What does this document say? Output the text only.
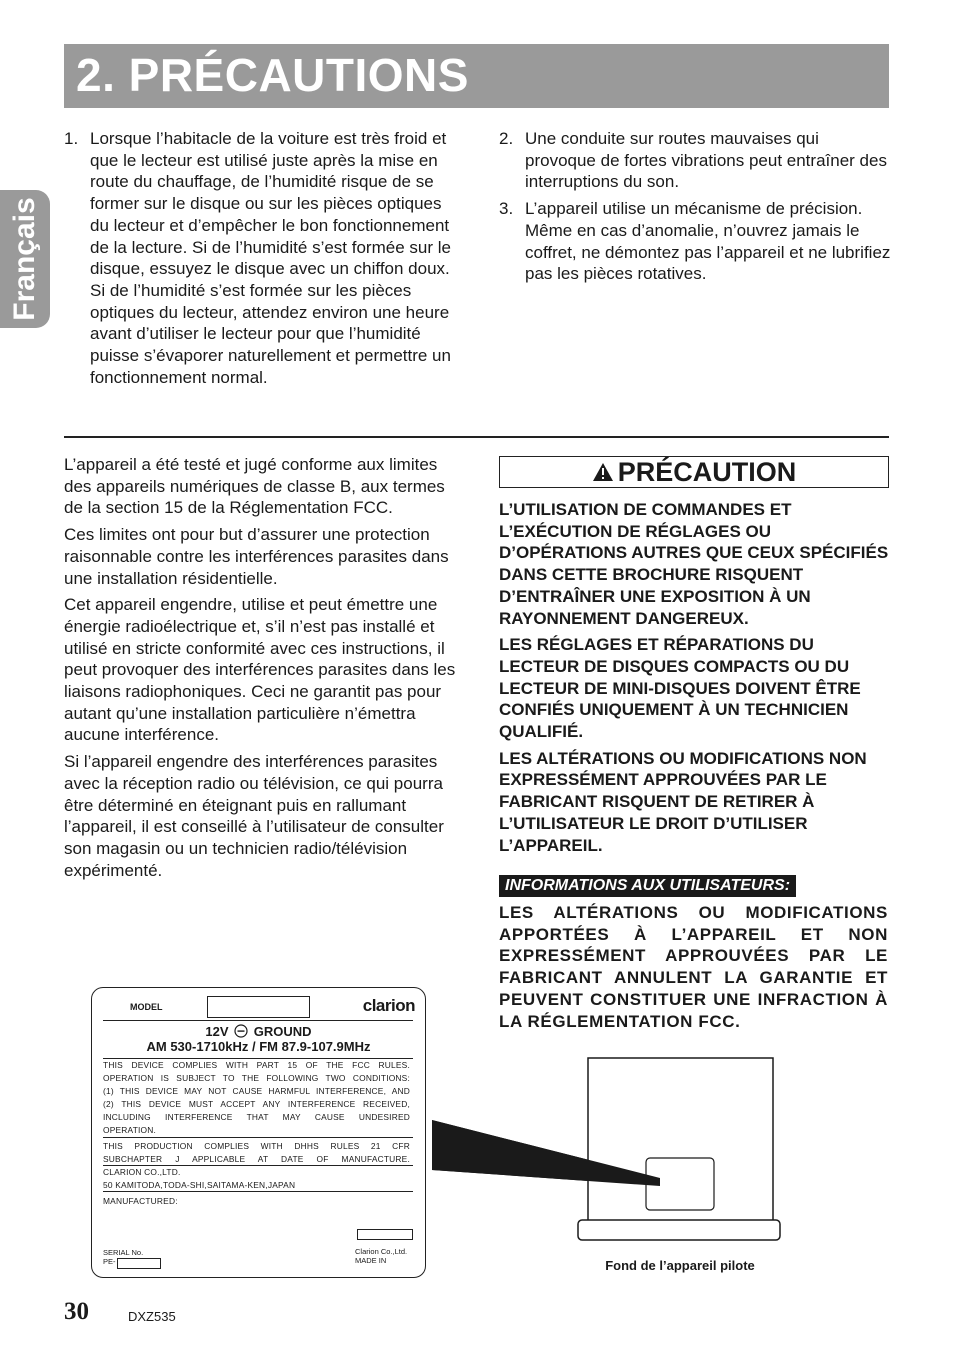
2. PRÉCAUTIONS
Français
1. Lorsque l’habitacle de la voiture est très froid et que le lecteur est utilisé juste après la mise en route du chauffage, de l’humidité risque de se former sur le disque ou sur les pièces optiques du lecteur et d’empêcher le bon fonctionnement de la lecture. Si de l’humidité s’est formée sur le disque, essuyez le disque avec un chiffon doux. Si de l’humidité s’est formée sur les pièces optiques du lecteur, attendez environ une heure avant d’utiliser le lecteur pour que l’humidité puisse s’évaporer naturellement et permettre un fonctionnement normal.
2. Une conduite sur routes mauvaises qui provoque de fortes vibrations peut entraîner des interruptions du son.
3. L’appareil utilise un mécanisme de précision. Même en cas d’anomalie, n’ouvrez jamais le coffret, ne démontez pas l’appareil et ne lubrifiez pas les pièces rotatives.

L’appareil a été testé et jugé conforme aux limites des appareils numériques de classe B, aux termes de la section 15 de la Réglementation FCC.

Ces limites ont pour but d’assurer une protection raisonnable contre les interférences parasites dans une installation résidentielle.

Cet appareil engendre, utilise et peut émettre une énergie radioélectrique et, s’il n’est pas installé et utilisé en stricte conformité avec ces instructions, il peut provoquer des interférences parasites dans les liaisons radiophoniques. Ceci ne garantit pas pour autant qu’une installation particulière n’émettra aucune interférence.

Si l’appareil engendre des interférences parasites avec la réception radio ou télévision, ce qui pourra être déterminé en éteignant puis en rallumant l’appareil, il est conseillé à l’utilisateur de consulter son magasin ou un technicien radio/télévision expérimenté.

PRÉCAUTION

L’UTILISATION DE COMMANDES ET L’EXÉCUTION DE RÉGLAGES OU D’OPÉRATIONS AUTRES QUE CEUX SPÉCIFIÉS DANS CETTE BROCHURE RISQUENT D’ENTRAÎNER UNE EXPOSITION À UN RAYONNEMENT DANGEREUX.

LES RÉGLAGES ET RÉPARATIONS DU LECTEUR DE DISQUES COMPACTS OU DU LECTEUR DE MINI-DISQUES DOIVENT ÊTRE CONFIÉS UNIQUEMENT À UN TECHNICIEN QUALIFIÉ.

LES ALTÉRATIONS OU MODIFICATIONS NON EXPRESSÉMENT APPROUVÉES PAR LE FABRICANT RISQUENT DE RETIRER À L’UTILISATEUR LE DROIT D’UTILISER L’APPAREIL.

INFORMATIONS AUX UTILISATEURS:
LES ALTÉRATIONS OU MODIFICATIONS APPORTÉES À L’APPAREIL ET NON EXPRESSÉMENT APPROUVÉES PAR LE FABRICANT ANNULENT LA GARANTIE ET PEUVENT CONSTITUER UNE INFRACTION À LA RÉGLEMENTATION FCC.
MODEL	clarion
12V GROUND
AM 530-1710kHz / FM 87.9-107.9MHz
THIS DEVICE COMPLIES WITH PART 15 OF THE FCC RULES.
OPERATION IS SUBJECT TO THE FOLLOWING TWO CONDITIONS:
(1) THIS DEVICE MAY NOT CAUSE HARMFUL INTERFERENCE, AND
(2) THIS DEVICE MUST ACCEPT ANY INTERFERENCE RECEIVED,
INCLUDING INTERFERENCE THAT MAY CAUSE UNDESIRED
OPERATION.
THIS PRODUCTION COMPLIES WITH DHHS RULES 21 CFR
SUBCHAPTER J APPLICABLE AT DATE OF MANUFACTURE.
CLARION CO.,LTD.
50 KAMITODA,TODA-SHI,SAITAMA-KEN,JAPAN
MANUFACTURED:
SERIAL No.
PE-
Clarion Co.,Ltd.
MADE IN	Fond de l’appareil pilote
30	DXZ535
